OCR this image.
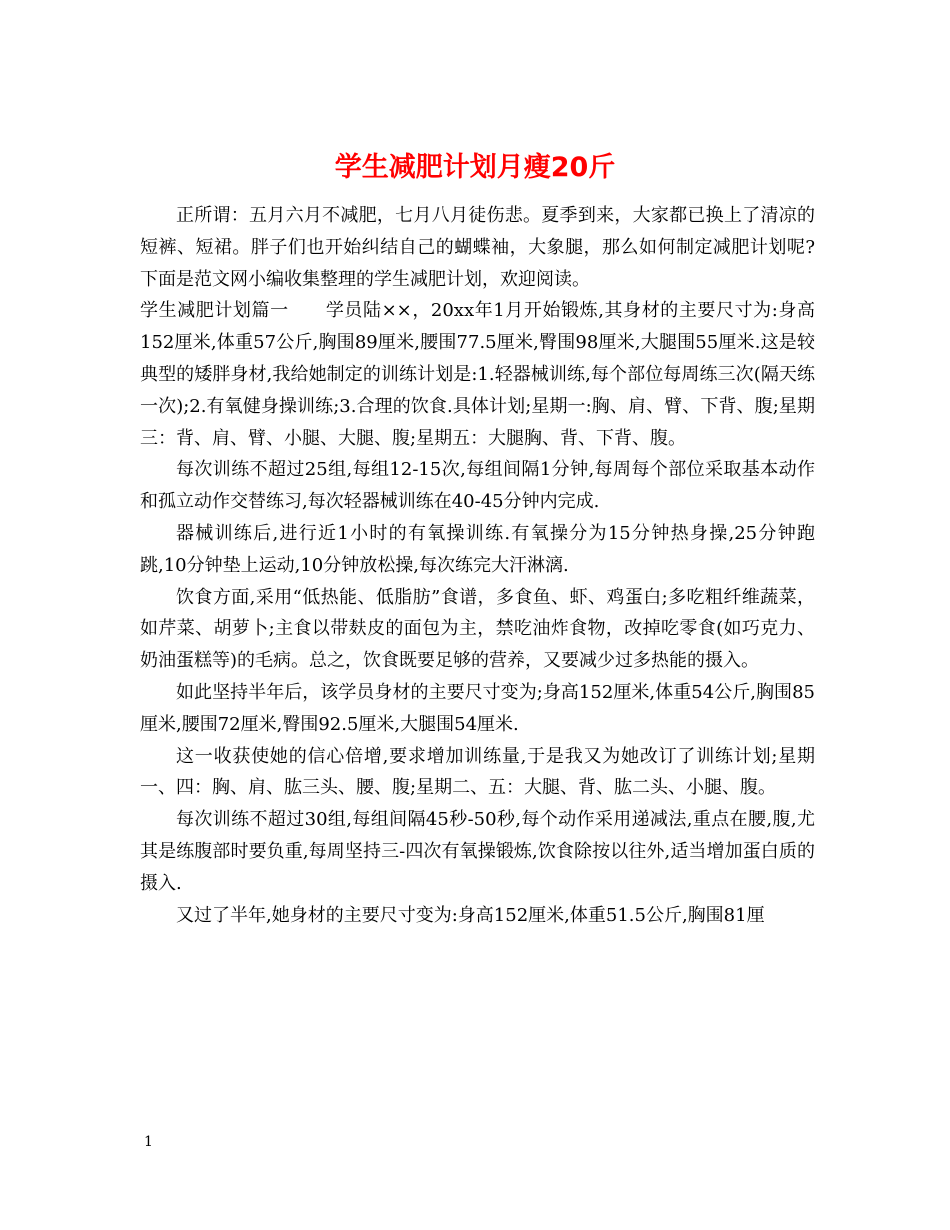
学生减肥计划月瘦20斤

正所谓：五月六月不减肥，七月八月徒伤悲。夏季到来，大家都已换上了清凉的短裤、短裙。胖子们也开始纠结自己的蝴蝶袖，大象腿，那么如何制定减肥计划呢?下面是范文网小编收集整理的学生减肥计划，欢迎阅读。

学生减肥计划篇一　　学员陆××，20xx年1月开始锻炼,其身材的主要尺寸为:身高152厘米,体重57公斤,胸围89厘米,腰围77.5厘米,臀围98厘米,大腿围55厘米.这是较典型的矮胖身材,我给她制定的训练计划是:1.轻器械训练,每个部位每周练三次(隔天练一次);2.有氧健身操训练;3.合理的饮食.具体计划;星期一:胸、肩、臂、下背、腹;星期三：背、肩、臂、小腿、大腿、腹;星期五：大腿胸、背、下背、腹。

每次训练不超过25组,每组12-15次,每组间隔1分钟,每周每个部位采取基本动作和孤立动作交替练习,每次轻器械训练在40-45分钟内完成.

器械训练后,进行近1小时的有氧操训练.有氧操分为15分钟热身操,25分钟跑跳,10分钟垫上运动,10分钟放松操,每次练完大汗淋漓.

饮食方面,采用“低热能、低脂肪”食谱，多食鱼、虾、鸡蛋白;多吃粗纤维蔬菜，如芹菜、胡萝卜;主食以带麸皮的面包为主，禁吃油炸食物，改掉吃零食(如巧克力、奶油蛋糕等)的毛病。总之，饮食既要足够的营养，又要减少过多热能的摄入。

如此坚持半年后，该学员身材的主要尺寸变为;身高152厘米,体重54公斤,胸围85厘米,腰围72厘米,臀围92.5厘米,大腿围54厘米.

这一收获使她的信心倍增,要求增加训练量,于是我又为她改订了训练计划;星期一、四：胸、肩、肱三头、腰、腹;星期二、五：大腿、背、肱二头、小腿、腹。

每次训练不超过30组,每组间隔45秒-50秒,每个动作采用递减法,重点在腰,腹,尤其是练腹部时要负重,每周坚持三-四次有氧操锻炼,饮食除按以往外,适当增加蛋白质的摄入.

又过了半年,她身材的主要尺寸变为:身高152厘米,体重51.5公斤,胸围81厘

1
